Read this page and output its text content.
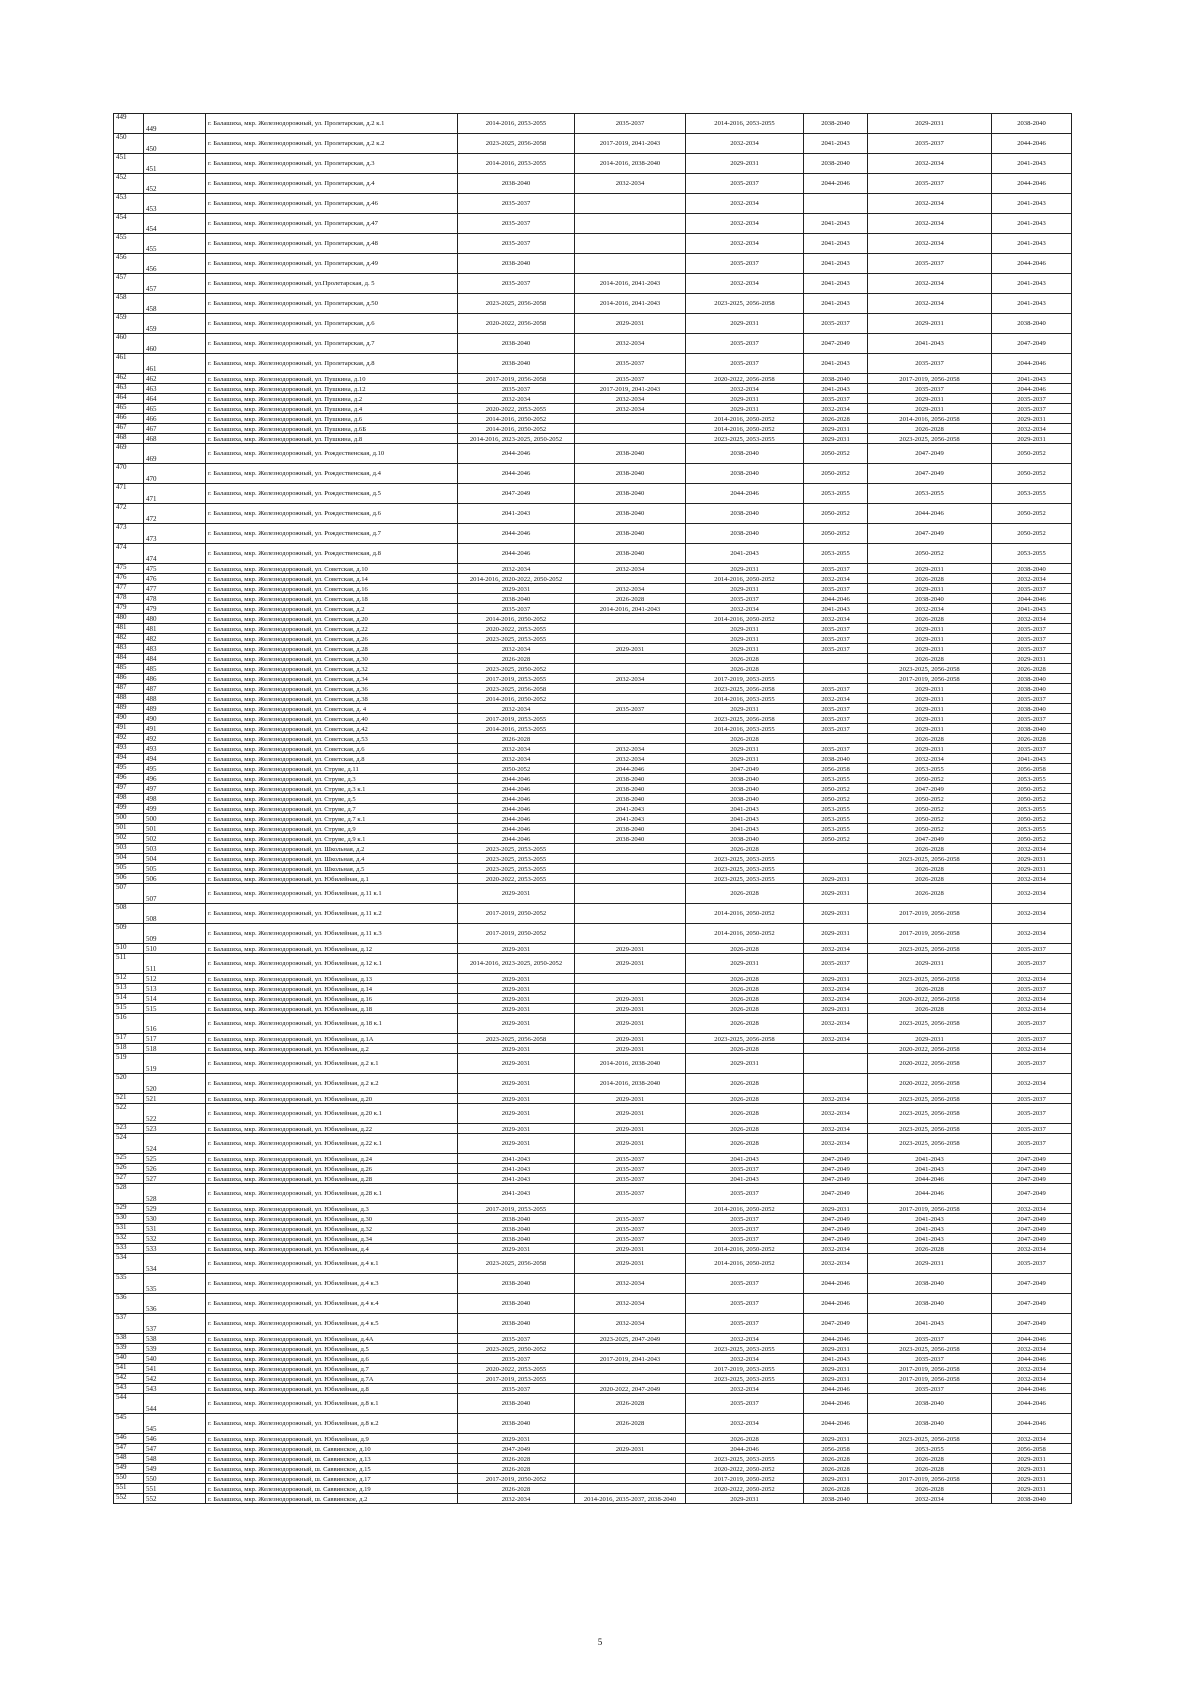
449	449	г. Балашиха, мкр. Железнодорожный, ул. Пролетарская, д.2 к.1	2014-2016, 2053-2055	2035-2037	2014-2016, 2053-2055	2038-2040	2029-2031	2038-2040
450	450	г. Балашиха, мкр. Железнодорожный, ул. Пролетарская, д.2 к.2	2023-2025, 2056-2058	2017-2019, 2041-2043	2032-2034	2041-2043	2035-2037	2044-2046
451	451	г. Балашиха, мкр. Железнодорожный, ул. Пролетарская, д.3	2014-2016, 2053-2055	2014-2016, 2038-2040	2029-2031	2038-2040	2032-2034	2041-2043
452	452	г. Балашиха, мкр. Железнодорожный, ул. Пролетарская, д.4	2038-2040	2032-2034	2035-2037	2044-2046	2035-2037	2044-2046
453	453	г. Балашиха, мкр. Железнодорожный, ул. Пролетарская, д.46	2035-2037		2032-2034		2032-2034	2041-2043
454	454	г. Балашиха, мкр. Железнодорожный, ул. Пролетарская, д.47	2035-2037		2032-2034	2041-2043	2032-2034	2041-2043
455	455	г. Балашиха, мкр. Железнодорожный, ул. Пролетарская, д.48	2035-2037		2032-2034	2041-2043	2032-2034	2041-2043
456	456	г. Балашиха, мкр. Железнодорожный, ул. Пролетарская, д.49	2038-2040		2035-2037	2041-2043	2035-2037	2044-2046
457	457	г. Балашиха, мкр. Железнодорожный, ул.Пролетарская, д. 5	2035-2037	2014-2016, 2041-2043	2032-2034	2041-2043	2032-2034	2041-2043
458	458	г. Балашиха, мкр. Железнодорожный, ул. Пролетарская, д.50	2023-2025, 2056-2058	2014-2016, 2041-2043	2023-2025, 2056-2058	2041-2043	2032-2034	2041-2043
459	459	г. Балашиха, мкр. Железнодорожный, ул. Пролетарская, д.6	2020-2022, 2056-2058	2029-2031	2029-2031	2035-2037	2029-2031	2038-2040
460	460	г. Балашиха, мкр. Железнодорожный, ул. Пролетарская, д.7	2038-2040	2032-2034	2035-2037	2047-2049	2041-2043	2047-2049
461	461	г. Балашиха, мкр. Железнодорожный, ул. Пролетарская, д.8	2038-2040	2035-2037	2035-2037	2041-2043	2035-2037	2044-2046
462	462	г. Балашиха, мкр. Железнодорожный, ул. Пушкина, д.10	2017-2019, 2056-2058	2035-2037	2020-2022, 2056-2058	2038-2040	2017-2019, 2056-2058	2041-2043
463	463	г. Балашиха, мкр. Железнодорожный, ул. Пушкина, д.12	2035-2037	2017-2019, 2041-2043	2032-2034	2041-2043	2035-2037	2044-2046
464	464	г. Балашиха, мкр. Железнодорожный, ул. Пушкина, д.2	2032-2034	2032-2034	2029-2031	2035-2037	2029-2031	2035-2037
465	465	г. Балашиха, мкр. Железнодорожный, ул. Пушкина, д.4	2020-2022, 2053-2055	2032-2034	2029-2031	2032-2034	2029-2031	2035-2037
466	466	г. Балашиха, мкр. Железнодорожный, ул. Пушкина, д.6	2014-2016, 2050-2052		2014-2016, 2050-2052	2026-2028	2014-2016, 2056-2058	2029-2031
467	467	г. Балашиха, мкр. Железнодорожный, ул. Пушкина, д.6Б	2014-2016, 2050-2052		2014-2016, 2050-2052	2029-2031	2026-2028	2032-2034
468	468	г. Балашиха, мкр. Железнодорожный, ул. Пушкина, д.8	2014-2016, 2023-2025, 2050-2052		2023-2025, 2053-2055	2029-2031	2023-2025, 2056-2058	2029-2031
469	469	г. Балашиха, мкр. Железнодорожный, ул. Рождественская, д.10	2044-2046	2038-2040	2038-2040	2050-2052	2047-2049	2050-2052
470	470	г. Балашиха, мкр. Железнодорожный, ул. Рождественская, д.4	2044-2046	2038-2040	2038-2040	2050-2052	2047-2049	2050-2052
471	471	г. Балашиха, мкр. Железнодорожный, ул. Рождественская, д.5	2047-2049	2038-2040	2044-2046	2053-2055	2053-2055	2053-2055
472	472	г. Балашиха, мкр. Железнодорожный, ул. Рождественская, д.6	2041-2043	2038-2040	2038-2040	2050-2052	2044-2046	2050-2052
473	473	г. Балашиха, мкр. Железнодорожный, ул. Рождественская, д.7	2044-2046	2038-2040	2038-2040	2050-2052	2047-2049	2050-2052
474	474	г. Балашиха, мкр. Железнодорожный, ул. Рождественская, д.8	2044-2046	2038-2040	2041-2043	2053-2055	2050-2052	2053-2055
475	475	г. Балашиха, мкр. Железнодорожный, ул. Советская, д.10	2032-2034	2032-2034	2029-2031	2035-2037	2029-2031	2038-2040
476	476	г. Балашиха, мкр. Железнодорожный, ул. Советская, д.14	2014-2016, 2020-2022, 2050-2052		2014-2016, 2050-2052	2032-2034	2026-2028	2032-2034
477	477	г. Балашиха, мкр. Железнодорожный, ул. Советская, д.16	2029-2031	2032-2034	2029-2031	2035-2037	2029-2031	2035-2037
478	478	г. Балашиха, мкр. Железнодорожный, ул. Советская, д.18	2038-2040	2026-2028	2035-2037	2044-2046	2038-2040	2044-2046
479	479	г. Балашиха, мкр. Железнодорожный, ул. Советская, д.2	2035-2037	2014-2016, 2041-2043	2032-2034	2041-2043	2032-2034	2041-2043
480	480	г. Балашиха, мкр. Железнодорожный, ул. Советская, д.20	2014-2016, 2050-2052		2014-2016, 2050-2052	2032-2034	2026-2028	2032-2034
481	481	г. Балашиха, мкр. Железнодорожный, ул. Советская, д.22	2020-2022, 2053-2055		2029-2031	2035-2037	2029-2031	2035-2037
482	482	г. Балашиха, мкр. Железнодорожный, ул. Советская, д.26	2023-2025, 2053-2055		2029-2031	2035-2037	2029-2031	2035-2037
483	483	г. Балашиха, мкр. Железнодорожный, ул. Советская, д.28	2032-2034	2029-2031	2029-2031	2035-2037	2029-2031	2035-2037
484	484	г. Балашиха, мкр. Железнодорожный, ул. Советская, д.30	2026-2028		2026-2028		2026-2028	2029-2031
485	485	г. Балашиха, мкр. Железнодорожный, ул. Советская, д.32	2023-2025, 2050-2052		2026-2028		2023-2025, 2056-2058	2026-2028
486	486	г. Балашиха, мкр. Железнодорожный, ул. Советская, д.34	2017-2019, 2053-2055	2032-2034	2017-2019, 2053-2055		2017-2019, 2056-2058	2038-2040
487	487	г. Балашиха, мкр. Железнодорожный, ул. Советская, д.36	2023-2025, 2056-2058		2023-2025, 2056-2058	2035-2037	2029-2031	2038-2040
488	488	г. Балашиха, мкр. Железнодорожный, ул. Советская, д.38	2014-2016, 2050-2052		2014-2016, 2053-2055	2032-2034	2029-2031	2035-2037
489	489	г. Балашиха, мкр. Железнодорожный, ул. Советская, д. 4	2032-2034	2035-2037	2029-2031	2035-2037	2029-2031	2038-2040
490	490	г. Балашиха, мкр. Железнодорожный, ул. Советская, д.40	2017-2019, 2053-2055		2023-2025, 2056-2058	2035-2037	2029-2031	2035-2037
491	491	г. Балашиха, мкр. Железнодорожный, ул. Советская, д.42	2014-2016, 2053-2055		2014-2016, 2053-2055	2035-2037	2029-2031	2038-2040
492	492	г. Балашиха, мкр. Железнодорожный, ул. Советская, д.53	2026-2028		2026-2028		2026-2028	2026-2028
493	493	г. Балашиха, мкр. Железнодорожный, ул. Советская, д.6	2032-2034	2032-2034	2029-2031	2035-2037	2029-2031	2035-2037
494	494	г. Балашиха, мкр. Железнодорожный, ул. Советская, д.8	2032-2034	2032-2034	2029-2031	2038-2040	2032-2034	2041-2043
495	495	г. Балашиха, мкр. Железнодорожный, ул. Струве, д.11	2050-2052	2044-2046	2047-2049	2056-2058	2053-2055	2056-2058
496	496	г. Балашиха, мкр. Железнодорожный, ул. Струве, д.3	2044-2046	2038-2040	2038-2040	2053-2055	2050-2052	2053-2055
497	497	г. Балашиха, мкр. Железнодорожный, ул. Струве, д.3 к.1	2044-2046	2038-2040	2038-2040	2050-2052	2047-2049	2050-2052
498	498	г. Балашиха, мкр. Железнодорожный, ул. Струве, д.5	2044-2046	2038-2040	2038-2040	2050-2052	2050-2052	2050-2052
499	499	г. Балашиха, мкр. Железнодорожный, ул. Струве, д.7	2044-2046	2041-2043	2041-2043	2053-2055	2050-2052	2053-2055
500	500	г. Балашиха, мкр. Железнодорожный, ул. Струве, д.7 к.1	2044-2046	2041-2043	2041-2043	2053-2055	2050-2052	2050-2052
501	501	г. Балашиха, мкр. Железнодорожный, ул. Струве, д.9	2044-2046	2038-2040	2041-2043	2053-2055	2050-2052	2053-2055
502	502	г. Балашиха, мкр. Железнодорожный, ул. Струве, д.9 к.1	2044-2046	2038-2040	2038-2040	2050-2052	2047-2049	2050-2052
503	503	г. Балашиха, мкр. Железнодорожный, ул. Школьная, д.2	2023-2025, 2053-2055		2026-2028		2026-2028	2032-2034
504	504	г. Балашиха, мкр. Железнодорожный, ул. Школьная, д.4	2023-2025, 2053-2055		2023-2025, 2053-2055		2023-2025, 2056-2058	2029-2031
505	505	г. Балашиха, мкр. Железнодорожный, ул. Школьная, д.5	2023-2025, 2053-2055		2023-2025, 2053-2055		2026-2028	2029-2031
506	506	г. Балашиха, мкр. Железнодорожный, ул. Юбилейная, д.1	2020-2022, 2053-2055		2023-2025, 2053-2055	2029-2031	2026-2028	2032-2034
507	507	г. Балашиха, мкр. Железнодорожный, ул. Юбилейная, д.11 к.1	2029-2031		2026-2028	2029-2031	2026-2028	2032-2034
508	508	г. Балашиха, мкр. Железнодорожный, ул. Юбилейная, д.11 к.2	2017-2019, 2050-2052		2014-2016, 2050-2052	2029-2031	2017-2019, 2056-2058	2032-2034
509	509	г. Балашиха, мкр. Железнодорожный, ул. Юбилейная, д.11 к.3	2017-2019, 2050-2052		2014-2016, 2050-2052	2029-2031	2017-2019, 2056-2058	2032-2034
510	510	г. Балашиха, мкр. Железнодорожный, ул. Юбилейная, д.12	2029-2031	2029-2031	2026-2028	2032-2034	2023-2025, 2056-2058	2035-2037
511	511	г. Балашиха, мкр. Железнодорожный, ул. Юбилейная, д.12 к.1	2014-2016, 2023-2025, 2050-2052	2029-2031	2029-2031	2035-2037	2029-2031	2035-2037
512	512	г. Балашиха, мкр. Железнодорожный, ул. Юбилейная, д.13	2029-2031		2026-2028	2029-2031	2023-2025, 2056-2058	2032-2034
513	513	г. Балашиха, мкр. Железнодорожный, ул. Юбилейная, д.14	2029-2031		2026-2028	2032-2034	2026-2028	2035-2037
514	514	г. Балашиха, мкр. Железнодорожный, ул. Юбилейная, д.16	2029-2031	2029-2031	2026-2028	2032-2034	2020-2022, 2056-2058	2032-2034
515	515	г. Балашиха, мкр. Железнодорожный, ул. Юбилейная, д.18	2029-2031	2029-2031	2026-2028	2029-2031	2026-2028	2032-2034
516	516	г. Балашиха, мкр. Железнодорожный, ул. Юбилейная, д.18 к.1	2029-2031	2029-2031	2026-2028	2032-2034	2023-2025, 2056-2058	2035-2037
517	517	г. Балашиха, мкр. Железнодорожный, ул. Юбилейная, д.1А	2023-2025, 2056-2058	2029-2031	2023-2025, 2056-2058	2032-2034	2029-2031	2035-2037
518	518	г. Балашиха, мкр. Железнодорожный, ул. Юбилейная, д.2	2029-2031	2029-2031	2026-2028		2020-2022, 2056-2058	2032-2034
519	519	г. Балашиха, мкр. Железнодорожный, ул. Юбилейная, д.2 к.1	2029-2031	2014-2016, 2038-2040	2029-2031		2020-2022, 2056-2058	2035-2037
520	520	г. Балашиха, мкр. Железнодорожный, ул. Юбилейная, д.2 к.2	2029-2031	2014-2016, 2038-2040	2026-2028		2020-2022, 2056-2058	2032-2034
521	521	г. Балашиха, мкр. Железнодорожный, ул. Юбилейная, д.20	2029-2031	2029-2031	2026-2028	2032-2034	2023-2025, 2056-2058	2035-2037
522	522	г. Балашиха, мкр. Железнодорожный, ул. Юбилейная, д.20 к.1	2029-2031	2029-2031	2026-2028	2032-2034	2023-2025, 2056-2058	2035-2037
523	523	г. Балашиха, мкр. Железнодорожный, ул. Юбилейная, д.22	2029-2031	2029-2031	2026-2028	2032-2034	2023-2025, 2056-2058	2035-2037
524	524	г. Балашиха, мкр. Железнодорожный, ул. Юбилейная, д.22 к.1	2029-2031	2029-2031	2026-2028	2032-2034	2023-2025, 2056-2058	2035-2037
525	525	г. Балашиха, мкр. Железнодорожный, ул. Юбилейная, д.24	2041-2043	2035-2037	2041-2043	2047-2049	2041-2043	2047-2049
526	526	г. Балашиха, мкр. Железнодорожный, ул. Юбилейная, д.26	2041-2043	2035-2037	2035-2037	2047-2049	2041-2043	2047-2049
527	527	г. Балашиха, мкр. Железнодорожный, ул. Юбилейная, д.28	2041-2043	2035-2037	2041-2043	2047-2049	2044-2046	2047-2049
528	528	г. Балашиха, мкр. Железнодорожный, ул. Юбилейная, д.28 к.1	2041-2043	2035-2037	2035-2037	2047-2049	2044-2046	2047-2049
529	529	г. Балашиха, мкр. Железнодорожный, ул. Юбилейная, д.3	2017-2019, 2053-2055		2014-2016, 2050-2052	2029-2031	2017-2019, 2056-2058	2032-2034
530	530	г. Балашиха, мкр. Железнодорожный, ул. Юбилейная, д.30	2038-2040	2035-2037	2035-2037	2047-2049	2041-2043	2047-2049
531	531	г. Балашиха, мкр. Железнодорожный, ул. Юбилейная, д.32	2038-2040	2035-2037	2035-2037	2047-2049	2041-2043	2047-2049
532	532	г. Балашиха, мкр. Железнодорожный, ул. Юбилейная, д.34	2038-2040	2035-2037	2035-2037	2047-2049	2041-2043	2047-2049
533	533	г. Балашиха, мкр. Железнодорожный, ул. Юбилейная, д.4	2029-2031	2029-2031	2014-2016, 2050-2052	2032-2034	2026-2028	2032-2034
534	534	г. Балашиха, мкр. Железнодорожный, ул. Юбилейная, д.4 к.1	2023-2025, 2056-2058	2029-2031	2014-2016, 2050-2052	2032-2034	2029-2031	2035-2037
535	535	г. Балашиха, мкр. Железнодорожный, ул. Юбилейная, д.4 к.3	2038-2040	2032-2034	2035-2037	2044-2046	2038-2040	2047-2049
536	536	г. Балашиха, мкр. Железнодорожный, ул. Юбилейная, д.4 к.4	2038-2040	2032-2034	2035-2037	2044-2046	2038-2040	2047-2049
537	537	г. Балашиха, мкр. Железнодорожный, ул. Юбилейная, д.4 к.5	2038-2040	2032-2034	2035-2037	2047-2049	2041-2043	2047-2049
538	538	г. Балашиха, мкр. Железнодорожный, ул. Юбилейная, д.4А	2035-2037	2023-2025, 2047-2049	2032-2034	2044-2046	2035-2037	2044-2046
539	539	г. Балашиха, мкр. Железнодорожный, ул. Юбилейная, д.5	2023-2025, 2050-2052		2023-2025, 2053-2055	2029-2031	2023-2025, 2056-2058	2032-2034
540	540	г. Балашиха, мкр. Железнодорожный, ул. Юбилейная, д.6	2035-2037	2017-2019, 2041-2043	2032-2034	2041-2043	2035-2037	2044-2046
541	541	г. Балашиха, мкр. Железнодорожный, ул. Юбилейная, д.7	2020-2022, 2053-2055		2017-2019, 2053-2055	2029-2031	2017-2019, 2056-2058	2032-2034
542	542	г. Балашиха, мкр. Железнодорожный, ул. Юбилейная, д.7А	2017-2019, 2053-2055		2023-2025, 2053-2055	2029-2031	2017-2019, 2056-2058	2032-2034
543	543	г. Балашиха, мкр. Железнодорожный, ул. Юбилейная, д.8	2035-2037	2020-2022, 2047-2049	2032-2034	2044-2046	2035-2037	2044-2046
544	544	г. Балашиха, мкр. Железнодорожный, ул. Юбилейная, д.8 к.1	2038-2040	2026-2028	2035-2037	2044-2046	2038-2040	2044-2046
545	545	г. Балашиха, мкр. Железнодорожный, ул. Юбилейная, д.8 к.2	2038-2040	2026-2028	2032-2034	2044-2046	2038-2040	2044-2046
546	546	г. Балашиха, мкр. Железнодорожный, ул. Юбилейная, д.9	2029-2031		2026-2028	2029-2031	2023-2025, 2056-2058	2032-2034
547	547	г. Балашиха, мкр. Железнодорожный, ш. Саввинское, д.10	2047-2049	2029-2031	2044-2046	2056-2058	2053-2055	2056-2058
548	548	г. Балашиха, мкр. Железнодорожный, ш. Саввинское, д.13	2026-2028		2023-2025, 2053-2055	2026-2028	2026-2028	2029-2031
549	549	г. Балашиха, мкр. Железнодорожный, ш. Саввинское, д.15	2026-2028		2020-2022, 2050-2052	2026-2028	2026-2028	2029-2031
550	550	г. Балашиха, мкр. Железнодорожный, ш. Саввинское, д.17	2017-2019, 2050-2052		2017-2019, 2050-2052	2029-2031	2017-2019, 2056-2058	2029-2031
551	551	г. Балашиха, мкр. Железнодорожный, ш. Саввинское, д.19	2026-2028		2020-2022, 2050-2052	2026-2028	2026-2028	2029-2031
552	552	г. Балашиха, мкр. Железнодорожный, ш. Саввинское, д.2	2032-2034	2014-2016, 2035-2037, 2038-2040	2029-2031	2038-2040	2032-2034	2038-2040
5
